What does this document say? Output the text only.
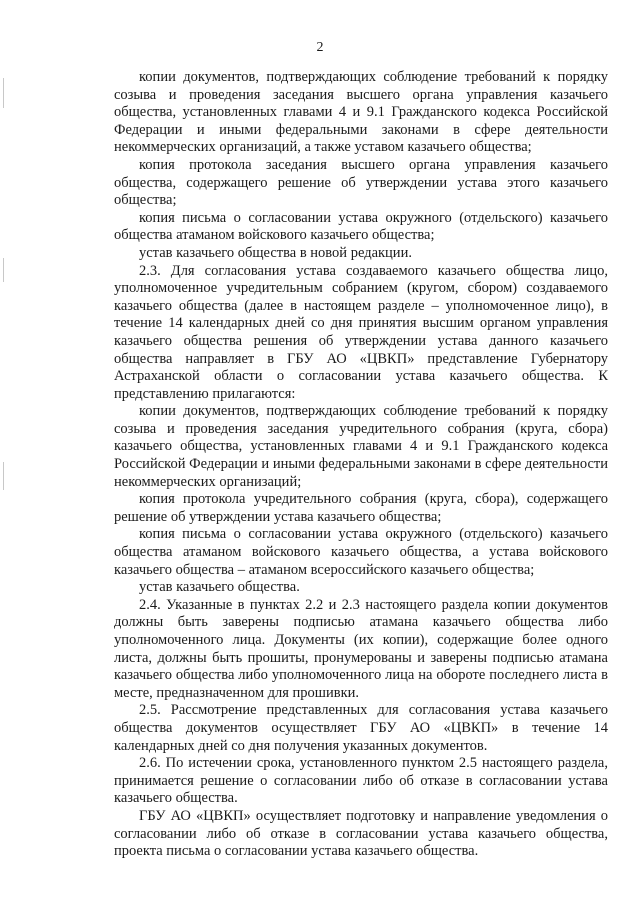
2

копии документов, подтверждающих соблюдение требований к порядку созыва и проведения заседания высшего органа управления казачьего общества, установленных главами 4 и 9.1 Гражданского кодекса Российской Федерации и иными федеральными законами в сфере деятельности некоммерческих организаций, а также уставом казачьего общества;

копия протокола заседания высшего органа управления казачьего общества, содержащего решение об утверждении устава этого казачьего общества;

копия письма о согласовании устава окружного (отдельского) казачьего общества атаманом войскового казачьего общества;

устав казачьего общества в новой редакции.

2.3. Для согласования устава создаваемого казачьего общества лицо, уполномоченное учредительным собранием (кругом, сбором) создаваемого казачьего общества (далее в настоящем разделе – уполномоченное лицо), в течение 14 календарных дней со дня принятия высшим органом управления казачьего общества решения об утверждении устава данного казачьего общества направляет в ГБУ АО «ЦВКП» представление Губернатору Астраханской области о согласовании устава казачьего общества. К представлению прилагаются:

копии документов, подтверждающих соблюдение требований к порядку созыва и проведения заседания учредительного собрания (круга, сбора) казачьего общества, установленных главами 4 и 9.1 Гражданского кодекса Российской Федерации и иными федеральными законами в сфере деятельности некоммерческих организаций;

копия протокола учредительного собрания (круга, сбора), содержащего решение об утверждении устава казачьего общества;

копия письма о согласовании устава окружного (отдельского) казачьего общества атаманом войскового казачьего общества, а устава войскового казачьего общества – атаманом всероссийского казачьего общества;

устав казачьего общества.

2.4. Указанные в пунктах 2.2 и 2.3 настоящего раздела копии документов должны быть заверены подписью атамана казачьего общества либо уполномоченного лица. Документы (их копии), содержащие более одного листа, должны быть прошиты, пронумерованы и заверены подписью атамана казачьего общества либо уполномоченного лица на обороте последнего листа в месте, предназначенном для прошивки.

2.5. Рассмотрение представленных для согласования устава казачьего общества документов осуществляет ГБУ АО «ЦВКП» в течение 14 календарных дней со дня получения указанных документов.

2.6. По истечении срока, установленного пунктом 2.5 настоящего раздела, принимается решение о согласовании либо об отказе в согласовании устава казачьего общества.

ГБУ АО «ЦВКП» осуществляет подготовку и направление уведомления о согласовании либо об отказе в согласовании устава казачьего общества, проекта письма о согласовании устава казачьего общества.
